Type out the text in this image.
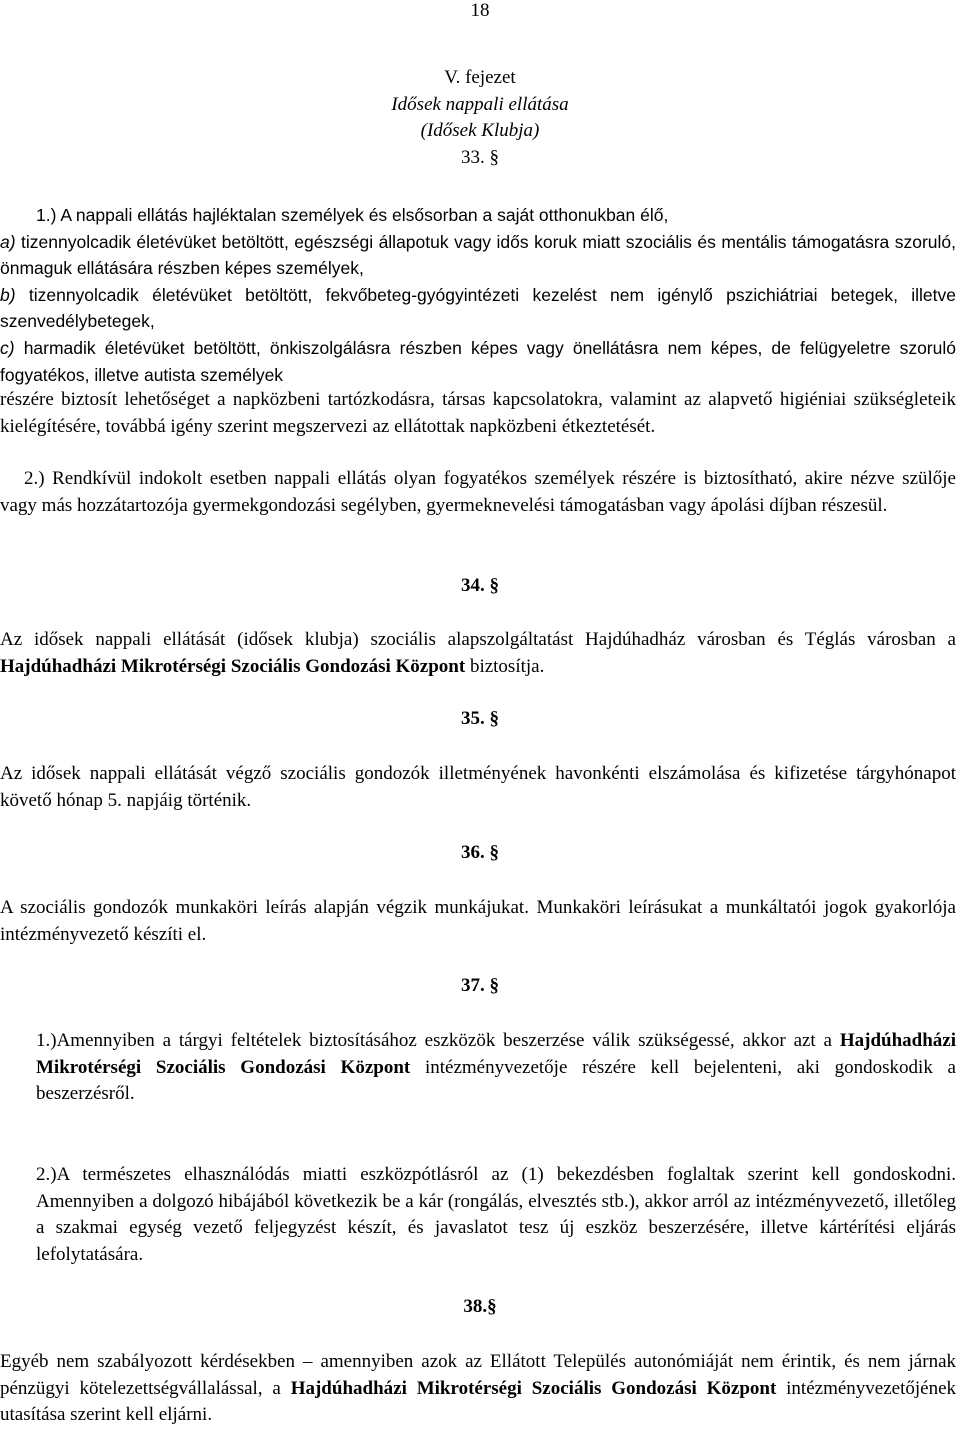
18
V. fejezet
Idősek nappali ellátása
(Idősek Klubja)
33. §

1.) A nappali ellátás hajléktalan személyek és elsősorban a saját otthonukban élő,
a) tizennyolcadik életévüket betöltött, egészségi állapotuk vagy idős koruk miatt szociális és mentális támogatásra szoruló, önmaguk ellátására részben képes személyek,
b) tizennyolcadik életévüket betöltött, fekvőbeteg-gyógyintézeti kezelést nem igénylő pszichiátriai betegek, illetve szenvedélybetegek,
c) harmadik életévüket betöltött, önkiszolgálásra részben képes vagy önellátásra nem képes, de felügyeletre szoruló fogyatékos, illetve autista személyek

részére biztosít lehetőséget a napközbeni tartózkodásra, társas kapcsolatokra, valamint az alapvető higiéniai szükségleteik kielégítésére, továbbá igény szerint megszervezi az ellátottak napközbeni étkeztetését.

2.) Rendkívül indokolt esetben nappali ellátás olyan fogyatékos személyek részére is biztosítható, akire nézve szülője vagy más hozzátartozója gyermekgondozási segélyben, gyermeknevelési támogatásban vagy ápolási díjban részesül.

34. §

Az idősek nappali ellátását (idősek klubja) szociális alapszolgáltatást Hajdúhadház városban és Téglás városban a Hajdúhadházi Mikrotérségi Szociális Gondozási Központ biztosítja.

35. §

Az idősek nappali ellátását végző szociális gondozók illetményének havonkénti elszámolása és kifizetése tárgyhónapot követő hónap 5. napjáig történik.

36. §

A szociális gondozók munkaköri leírás alapján végzik munkájukat. Munkaköri leírásukat a munkáltatói jogok gyakorlója intézményvezető készíti el.

37. §

1.)Amennyiben a tárgyi feltételek biztosításához eszközök beszerzése válik szükségessé, akkor azt a Hajdúhadházi Mikrotérségi Szociális Gondozási Központ intézményvezetője részére kell bejelenteni, aki gondoskodik a beszerzésről.

2.)A természetes elhasználódás miatti eszközpótlásról az (1) bekezdésben foglaltak szerint kell gondoskodni. Amennyiben a dolgozó hibájából következik be a kár (rongálás, elvesztés stb.), akkor arról az intézményvezető, illetőleg a szakmai egység vezető feljegyzést készít, és javaslatot tesz új eszköz beszerzésére, illetve kártérítési eljárás lefolytatására.

38.§

Egyéb nem szabályozott kérdésekben – amennyiben azok az Ellátott Település autonómiáját nem érintik, és nem járnak pénzügyi kötelezettségvállalással, a Hajdúhadházi Mikrotérségi Szociális Gondozási Központ intézményvezetőjének utasítása szerint kell eljárni.
